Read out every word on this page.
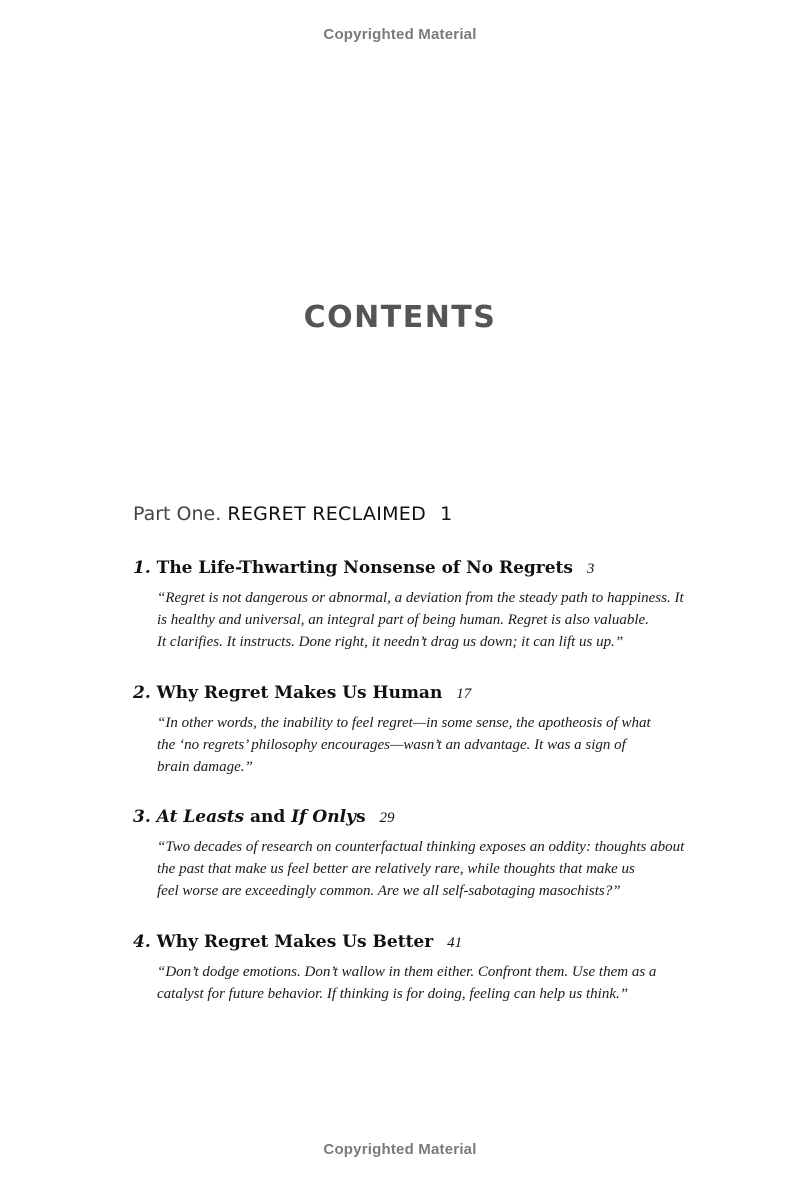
Copyrighted Material
CONTENTS
Part One. REGRET RECLAIMED 1
1. The Life-Thwarting Nonsense of No Regrets 3
“Regret is not dangerous or abnormal, a deviation from the steady path to happiness. It
is healthy and universal, an integral part of being human. Regret is also valuable.
It clarifies. It instructs. Done right, it needn’t drag us down; it can lift us up.”
2. Why Regret Makes Us Human 17
“In other words, the inability to feel regret—in some sense, the apotheosis of what
the ‘no regrets’ philosophy encourages—wasn’t an advantage. It was a sign of
brain damage.”
3. At Leasts and If Onlys 29
“Two decades of research on counterfactual thinking exposes an oddity: thoughts about
the past that make us feel better are relatively rare, while thoughts that make us
feel worse are exceedingly common. Are we all self-sabotaging masochists?”
4. Why Regret Makes Us Better 41
“Don’t dodge emotions. Don’t wallow in them either. Confront them. Use them as a
catalyst for future behavior. If thinking is for doing, feeling can help us think.”
Copyrighted Material
